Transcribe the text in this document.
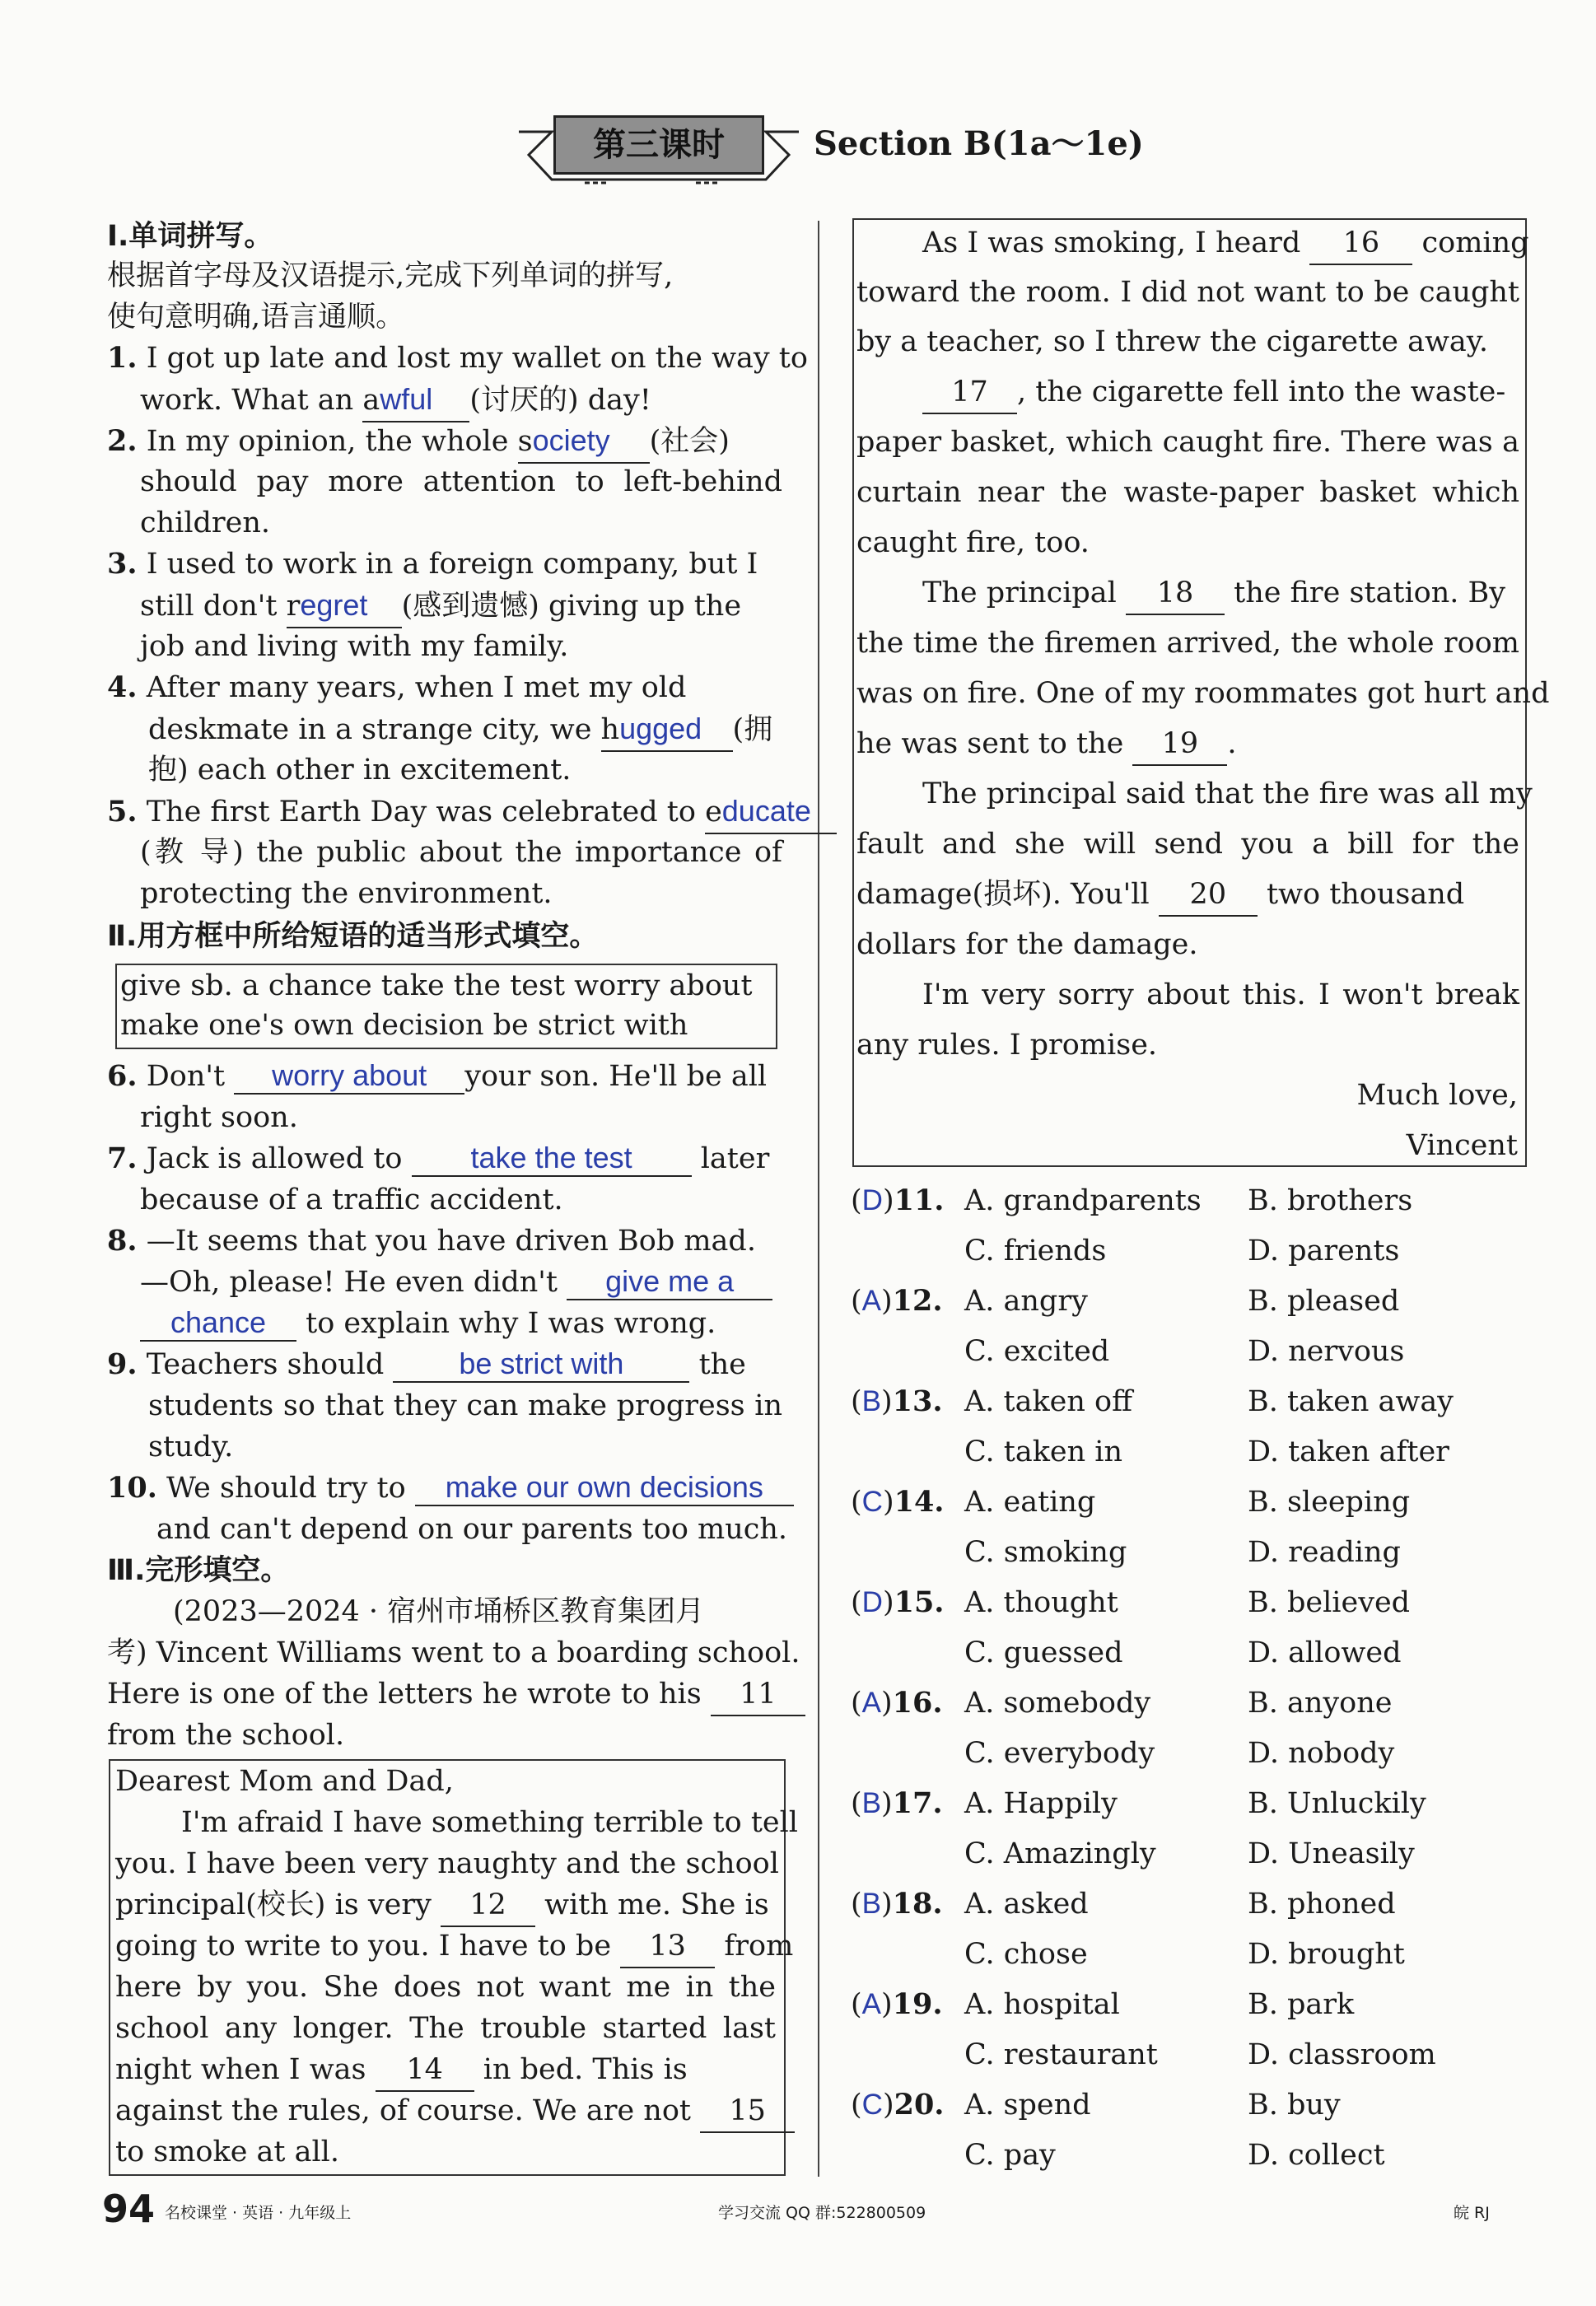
第三课时	Section B(1a～1e)
Ⅰ.单词拼写。
根据首字母及汉语提示,完成下列单词的拼写,
使句意明确,语言通顺。
1. I got up late and lost my wallet on the way to
work. What an awful (讨厌的) day!
2. In my opinion, the whole society (社会)
should pay more attention to left-behind
children.
3. I used to work in a foreign company, but I
still don't regret (感到遗憾) giving up the
job and living with my family.
4. After many years, when I met my old
deskmate in a strange city, we hugged (拥
抱) each other in excitement.
5. The first Earth Day was celebrated to educate
(教 导) the public about the importance of
protecting the environment.
Ⅱ.用方框中所给短语的适当形式填空。
give sb. a chance take the test worry about
make one's own decision be strict with
6. Don't worry about your son. He'll be all
right soon.
7. Jack is allowed to take the test later
because of a traffic accident.
8. —It seems that you have driven Bob mad.
—Oh, please! He even didn't give me a
chance to explain why I was wrong.
9. Teachers should be strict with	the
students so that they can make progress in
study.
10. We should try to make our own decisions
and can't depend on our parents too much.
Ⅲ.完形填空。
(2023—2024 · 宿州市埇桥区教育集团月
考) Vincent Williams went to a boarding school.
Here is one of the letters he wrote to his 11
from the school.
Dearest Mom and Dad,
I'm afraid I have something terrible to tell
you. I have been very naughty and the school
principal(校长) is very 12 with me. She is
going to write to you. I have to be 13 from
here by you. She does not want me in the
school any longer. The trouble started last
night when I was 14 in bed. This is
against the rules, of course. We are not 15
to smoke at all.
As I was smoking, I heard 16 coming
toward the room. I did not want to be caught
by a teacher, so I threw the cigarette away.
17 , the cigarette fell into the waste-
paper basket, which caught fire. There was a
curtain near the waste-paper basket which
caught fire, too.
The principal 18 the fire station. By
the time the firemen arrived, the whole room
was on fire. One of my roommates got hurt and
he was sent to the 19 .
The principal said that the fire was all my
fault and she will send you a bill for the
damage(损坏). You'll 20 two thousand
dollars for the damage.
I'm very sorry about this. I won't break
any rules. I promise.
Much love,
Vincent
(D)11. A. grandparents B. brothers
C. friends	D. parents
(A)12. A. angry	B. pleased
C. excited	D. nervous
(B)13. A. taken off	B. taken away
C. taken in	D. taken after
(C)14. A. eating	B. sleeping
C. smoking	D. reading
(D)15. A. thought	B. believed
C. guessed	D. allowed
(A)16. A. somebody	B. anyone
C. everybody	D. nobody
(B)17. A. Happily	B. Unluckily
C. Amazingly	D. Uneasily
(B)18. A. asked	B. phoned
C. chose	D. brought
(A)19. A. hospital	B. park
C. restaurant	D. classroom
(C)20. A. spend	B. buy
C. pay	D. collect
94 名校课堂 · 英语 · 九年级上	学习交流 QQ 群:522800509	皖 RJ
